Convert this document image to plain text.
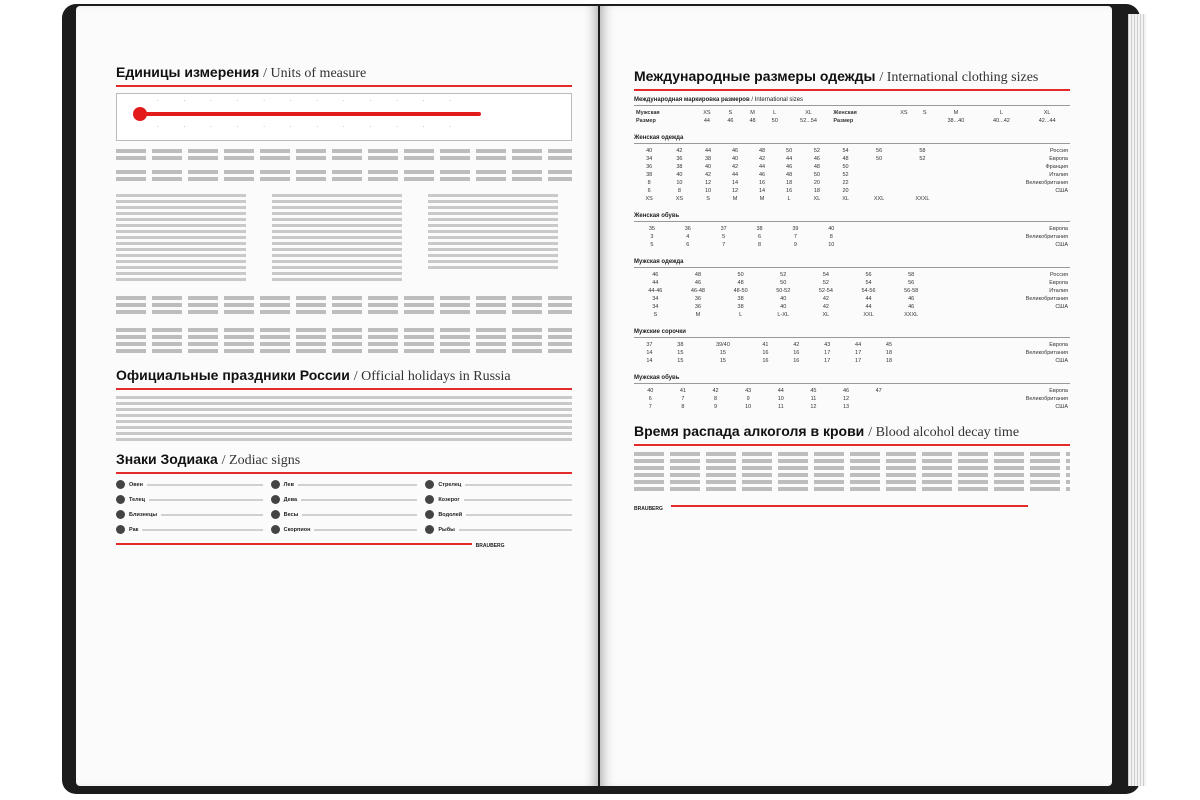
Единицы измерения / Units of measure
·	·	·	·	·	·	·	·	·	·	·	·
·	·	·	·	·	·	·	·	·	·	·	·
Официальные праздники России / Official holidays in Russia
Знаки Зодиака / Zodiac signs
Овен	Лев	Стрелец
Телец	Дева	Козерог
Близнецы	Весы	Водолей
Рак	Скорпион	Рыбы
BRAUBERG
Международные размеры одежды / International clothing sizes
Международная маркировка размеров / International sizes
Мужская	XS	S	M	L	XL	Женская	XS	S	M	L	XL
Размер	44	46	48	50	52...54	Размер			38...40	40...42	42...44
Женская одежда
40	42	44	46	48	50	52	54	56	58	Россия
34	36	38	40	42	44	46	48	50	52	Европа
36	38	40	42	44	46	48	50			Франция
38	40	42	44	46	48	50	52			Италия
8	10	12	14	16	18	20	22			Великобритания
6	8	10	12	14	16	18	20			США
XS	XS	S	M	M	L	XL	XL	XXL	XXXL	
Женская обувь
35	36	37	38	39	40					Европа
3	4	5	6	7	8					Великобритания
5	6	7	8	9	10					США
Мужская одежда
46	48	50	52	54	56	58				Россия
44	46	48	50	52	54	56				Европа
44-46	46-48	48-50	50-52	52-54	54-56	56-58				Италия
34	36	38	40	42	44	46				Великобритания
34	36	38	40	42	44	46				США
S	M	L	L-XL	XL	XXL	XXXL				
Мужские сорочки
37	38	39/40	41	42	43	44	45			Европа
14	15	15	16	16	17	17	18			Великобритания
14	15	15	16	16	17	17	18			США
Мужская обувь
40	41	42	43	44	45	46	47			Европа
6	7	8	9	10	11	12				Великобритания
7	8	9	10	11	12	13				США
Время распада алкоголя в крови / Blood alcohol decay time
BRAUBERG
